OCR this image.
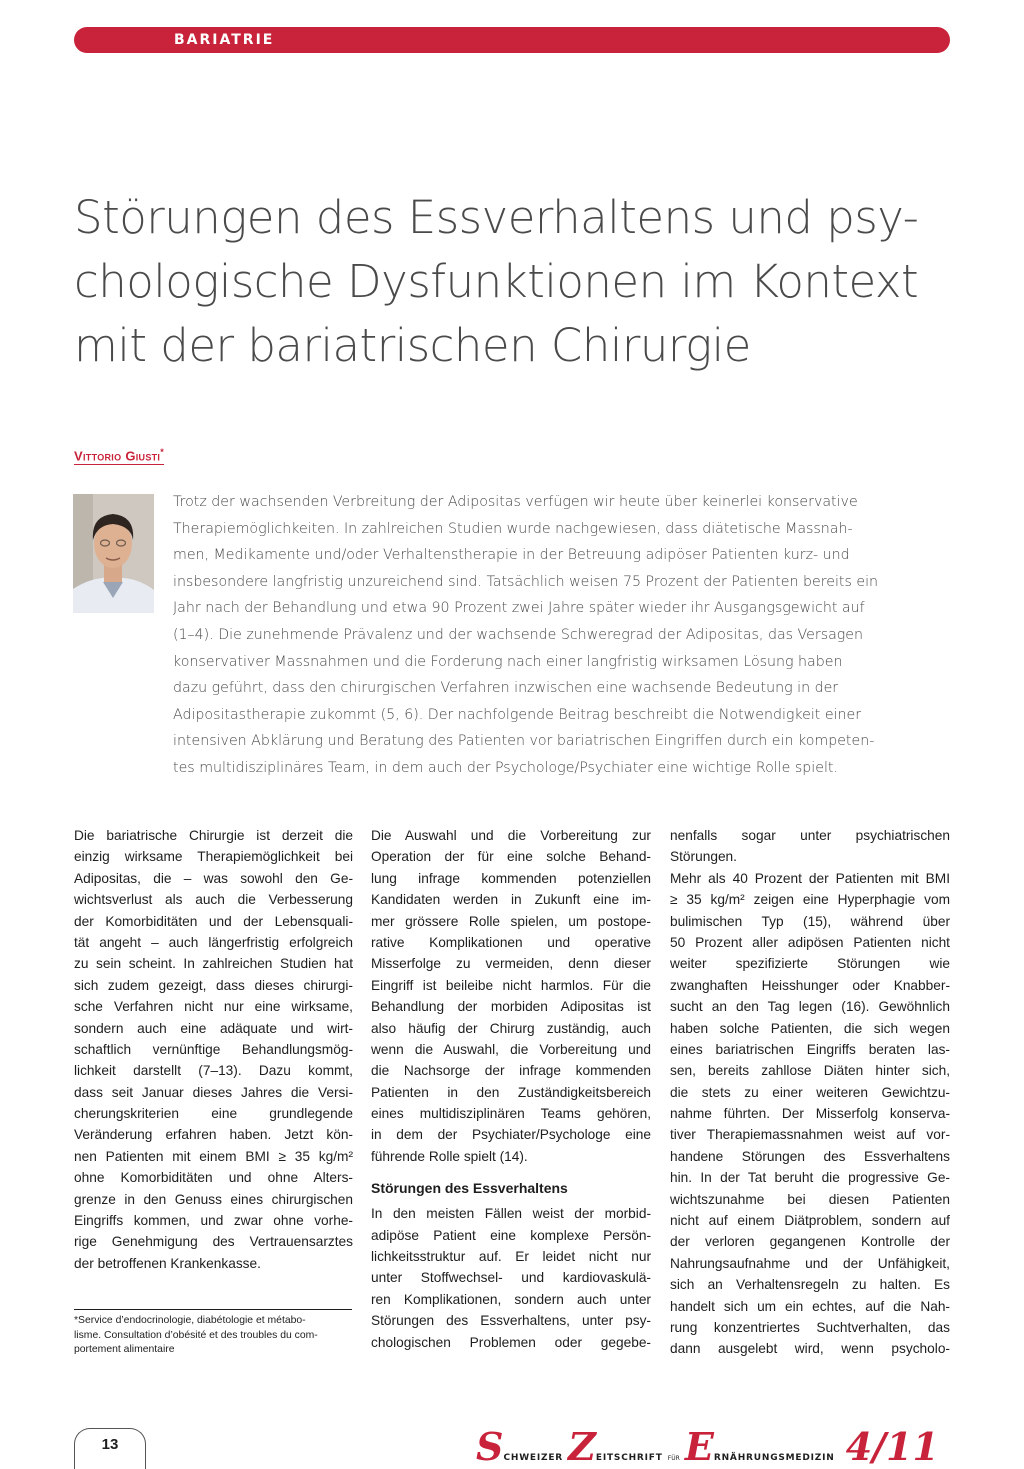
BARIATRIE
Störungen des Essverhaltens und psy-
chologische Dysfunktionen im Kontext
mit der bariatrischen Chirurgie
Vittorio Giusti*
Trotz der wachsenden Verbreitung der Adipositas verfügen wir heute über keinerlei konservative
Therapiemöglichkeiten. In zahlreichen Studien wurde nachgewiesen, dass diätetische Massnah-
men, Medikamente und/oder Verhaltenstherapie in der Betreuung adipöser Patienten kurz- und
insbesondere langfristig unzureichend sind. Tatsächlich weisen 75 Prozent der Patienten bereits ein
Jahr nach der Behandlung und etwa 90 Prozent zwei Jahre später wieder ihr Ausgangsgewicht auf
(1–4). Die zunehmende Prävalenz und der wachsende Schweregrad der Adipositas, das Versagen
konservativer Massnahmen und die Forderung nach einer langfristig wirksamen Lösung haben
dazu geführt, dass den chirurgischen Verfahren inzwischen eine wachsende Bedeutung in der
Adipositastherapie zukommt (5, 6). Der nachfolgende Beitrag beschreibt die Notwendigkeit einer
intensiven Abklärung und Beratung des Patienten vor bariatrischen Eingriffen durch ein kompeten-
tes multidisziplinäres Team, in dem auch der Psychologe/Psychiater eine wichtige Rolle spielt.
Die bariatrische Chirurgie ist derzeit die
einzig wirksame Therapiemöglichkeit bei
Adipositas, die – was sowohl den Ge-
wichtsverlust als auch die Verbesserung
der Komorbiditäten und der Lebensquali-
tät angeht – auch längerfristig erfolgreich
zu sein scheint. In zahlreichen Studien hat
sich zudem gezeigt, dass dieses chirurgi-
sche Verfahren nicht nur eine wirksame,
sondern auch eine adäquate und wirt-
schaftlich vernünftige Behandlungsmög-
lichkeit darstellt (7–13). Dazu kommt,
dass seit Januar dieses Jahres die Versi-
cherungskriterien eine grundlegende
Veränderung erfahren haben. Jetzt kön-
nen Patienten mit einem BMI ≥ 35 kg/m²
ohne Komorbiditäten und ohne Alters-
grenze in den Genuss eines chirurgischen
Eingriffs kommen, und zwar ohne vorhe-
rige Genehmigung des Vertrauensarztes
der betroffenen Krankenkasse.
Die Auswahl und die Vorbereitung zur
Operation der für eine solche Behand-
lung infrage kommenden potenziellen
Kandidaten werden in Zukunft eine im-
mer grössere Rolle spielen, um postope-
rative Komplikationen und operative
Misserfolge zu vermeiden, denn dieser
Eingriff ist beileibe nicht harmlos. Für die
Behandlung der morbiden Adipositas ist
also häufig der Chirurg zuständig, auch
wenn die Auswahl, die Vorbereitung und
die Nachsorge der infrage kommenden
Patienten in den Zuständigkeitsbereich
eines multidisziplinären Teams gehören,
in dem der Psychiater/Psychologe eine
führende Rolle spielt (14).
Störungen des Essverhaltens
In den meisten Fällen weist der morbid-
adipöse Patient eine komplexe Persön-
lichkeitsstruktur auf. Er leidet nicht nur
unter Stoffwechsel- und kardiovaskulä-
ren Komplikationen, sondern auch unter
Störungen des Essverhaltens, unter psy-
chologischen Problemen oder gegebe-
nenfalls sogar unter psychiatrischen
Störungen.
Mehr als 40 Prozent der Patienten mit BMI
≥ 35 kg/m² zeigen eine Hyperphagie vom
bulimischen Typ (15), während über
50 Prozent aller adipösen Patienten nicht
weiter spezifizierte Störungen wie
zwanghaften Heisshunger oder Knabber-
sucht an den Tag legen (16). Gewöhnlich
haben solche Patienten, die sich wegen
eines bariatrischen Eingriffs beraten las-
sen, bereits zahllose Diäten hinter sich,
die stets zu einer weiteren Gewichtzu-
nahme führten. Der Misserfolg konserva-
tiver Therapiemassnahmen weist auf vor-
handene Störungen des Essverhaltens
hin. In der Tat beruht die progressive Ge-
wichtszunahme bei diesen Patienten
nicht auf einem Diätproblem, sondern auf
der verloren gegangenen Kontrolle der
Nahrungsaufnahme und der Unfähigkeit,
sich an Verhaltensregeln zu halten. Es
handelt sich um ein echtes, auf die Nah-
rung konzentriertes Suchtverhalten, das
dann ausgelebt wird, wenn psycholo-
*Service d’endocrinologie, diabétologie et métabo-
lisme. Consultation d’obésité et des troubles du com-
portement alimentaire
13	SCHWEIZER ZEITSCHRIFT FÜR ERNÄHRUNGSMEDIZIN 4/11
